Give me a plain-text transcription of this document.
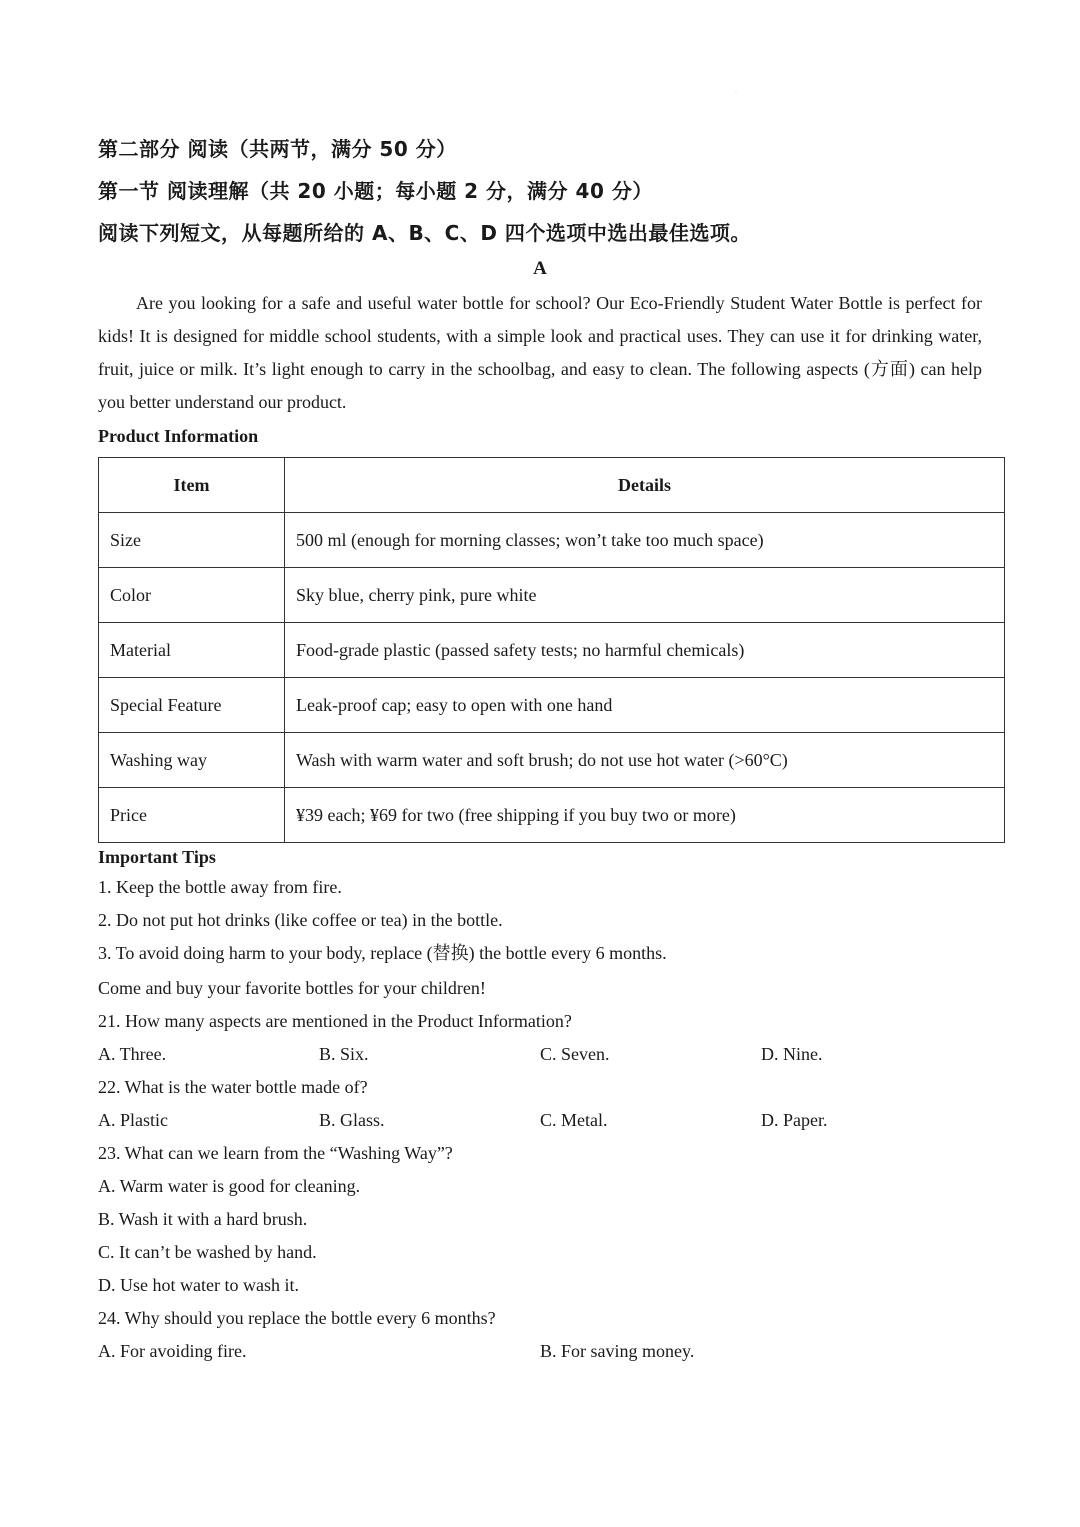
·
第二部分 阅读（共两节，满分 50 分）
第一节 阅读理解（共 20 小题；每小题 2 分，满分 40 分）
阅读下列短文，从每题所给的 A、B、C、D 四个选项中选出最佳选项。
A

Are you looking for a safe and useful water bottle for school? Our Eco-Friendly Student Water Bottle is perfect for kids! It is designed for middle school students, with a simple look and practical uses. They can use it for drinking water, fruit, juice or milk. It’s light enough to carry in the schoolbag, and easy to clean. The following aspects (方面) can help you better understand our product.

Product Information
Item	Details
Size	500 ml (enough for morning classes; won’t take too much space)
Color	Sky blue, cherry pink, pure white
Material	Food-grade plastic (passed safety tests; no harmful chemicals)
Special Feature	Leak-proof cap; easy to open with one hand
Washing way	Wash with warm water and soft brush; do not use hot water (>60°C)
Price	¥39 each; ¥69 for two (free shipping if you buy two or more)
Important Tips
1. Keep the bottle away from fire.
2. Do not put hot drinks (like coffee or tea) in the bottle.
3. To avoid doing harm to your body, replace (替换) the bottle every 6 months.
Come and buy your favorite bottles for your children!
21. How many aspects are mentioned in the Product Information?
A. Three.	B. Six.	C. Seven.	D. Nine.
22. What is the water bottle made of?
A. Plastic	B. Glass.	C. Metal.	D. Paper.
23. What can we learn from the “Washing Way”?
A. Warm water is good for cleaning.
B. Wash it with a hard brush.
C. It can’t be washed by hand.
D. Use hot water to wash it.
24. Why should you replace the bottle every 6 months?
A. For avoiding fire.	B. For saving money.
